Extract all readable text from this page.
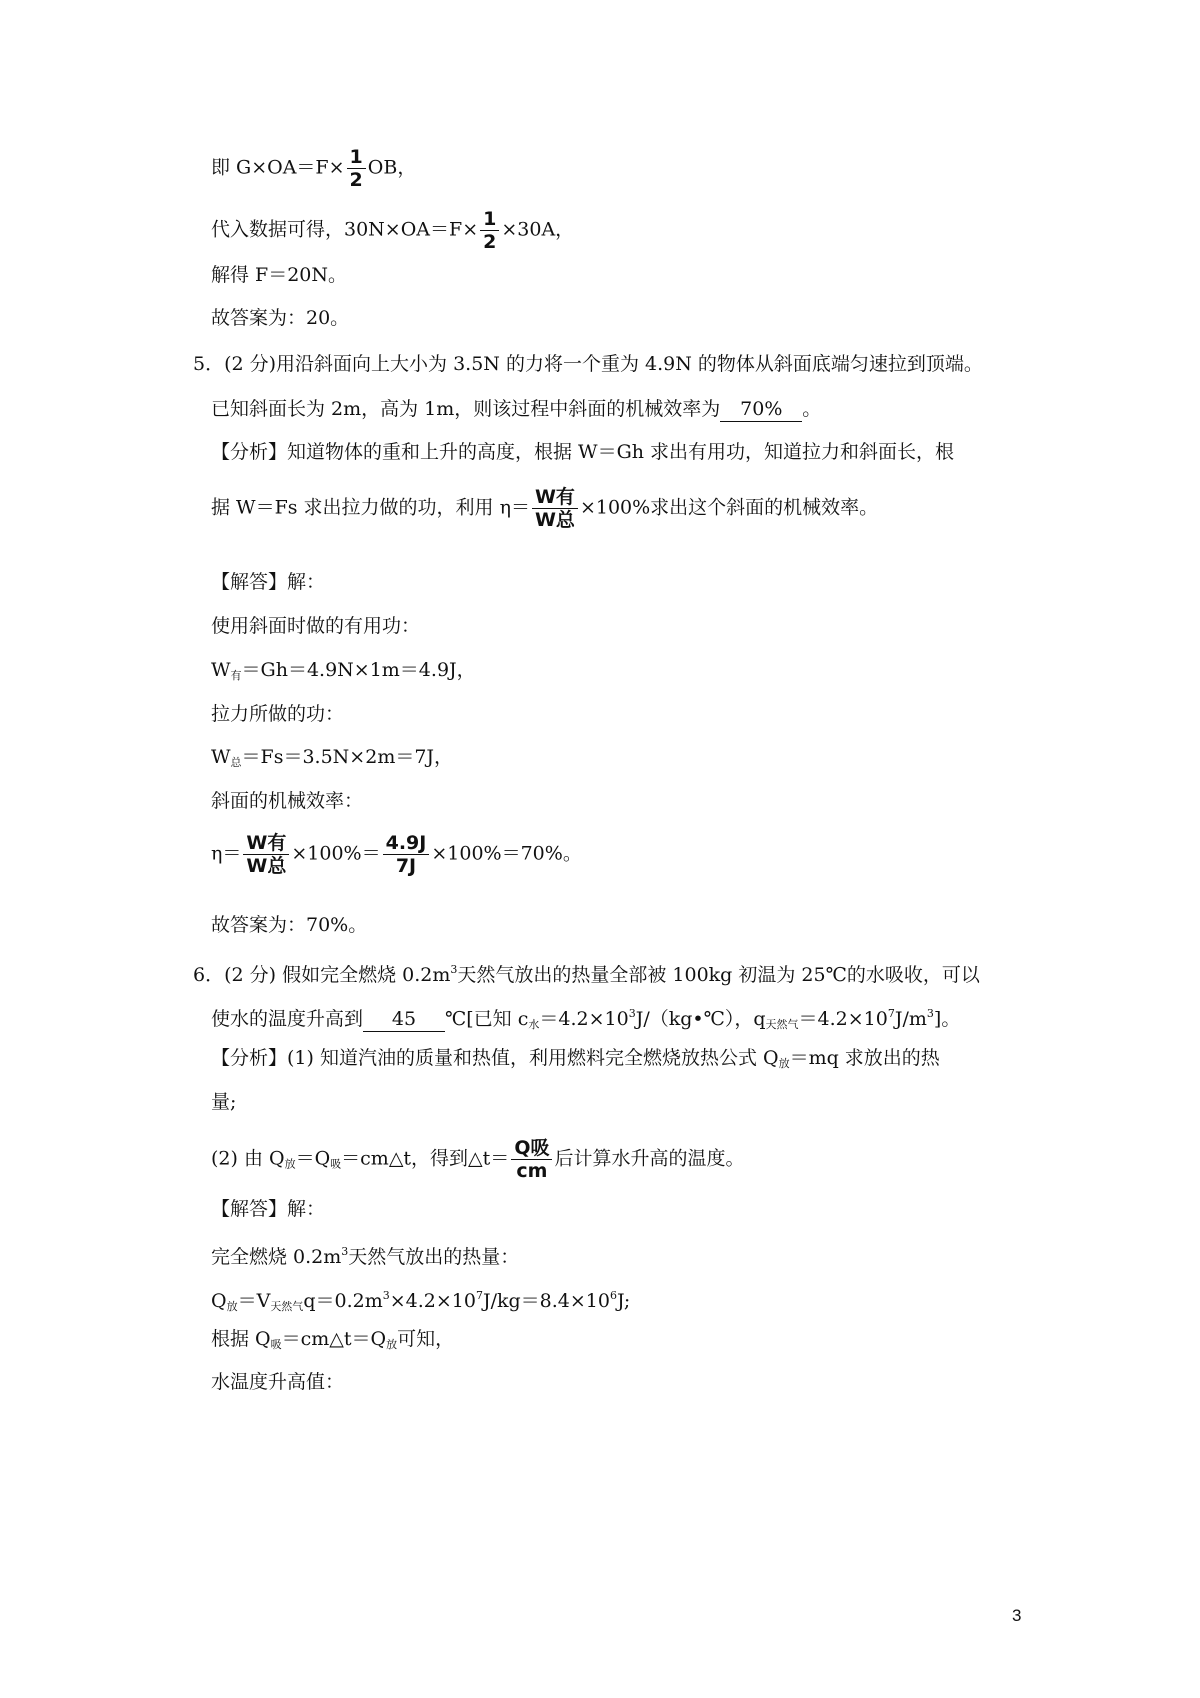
即 $G\times OA=F\times \frac{1}{2}$ OB，
代入数据可得，$30N\times OA=F\times \frac{1}{2} \times 30A$，
解得 F＝20N。
故答案为：20。
5．(2 分)用沿斜面向上大小为 3.5N 的力将一个重为 4.9N 的物体从斜面底端匀速拉到顶端。
已知斜面长为 2m，高为 1m，则该过程中斜面的机械效率为 70% 。
【分析】知道物体的重和上升的高度，根据 W＝Gh 求出有用功，知道拉力和斜面长，根
据 W＝Fs 求出拉力做的功，利用 $\eta= \frac{\text{W有}}{\text{W总}} \times 100\%$求出这个斜面的机械效率。
【解答】解：
使用斜面时做的有用功：
$W_有=Gh=4.9N\times 1m=4.9J$，
拉力所做的功：
$W_总=Fs=3.5N\times 2m=7J$，
斜面的机械效率：
$\eta= \frac{\text{W有}}{\text{W总}} \times 100\%= \frac{4.9J}{7J} \times 100\%=70\%$。
故答案为：70%。
6．(2 分) 假如完全燃烧 $0.2m^3$天然气放出的热量全部被 100kg 初温为 25℃的水吸收，可以
使水的温度升高到 45 ℃[已知 $c_水=4.2\times 10^3J/(kg•℃)$，$q_{天然气}=4.2\times 10^7J/m^3$]。
【分析】(1) 知道汽油的质量和热值，利用燃料完全燃烧放热公式 $Q_放=mq$ 求放出的热
量;
(2) 由 $Q_放=Q_吸=cm\triangle t$，得到△t＝ $\frac{\text{Q吸}}{cm}$ 后计算水升高的温度。
【解答】解：
完全燃烧 $0.2m^3$天然气放出的热量：
$Q_放=V_{天然气}q=0.2m^3\times 4.2\times 10^7J/kg=8.4\times 10^6J$;
根据 $Q_吸=cm\triangle t=Q_放$可知，
水温度升高值：
3
